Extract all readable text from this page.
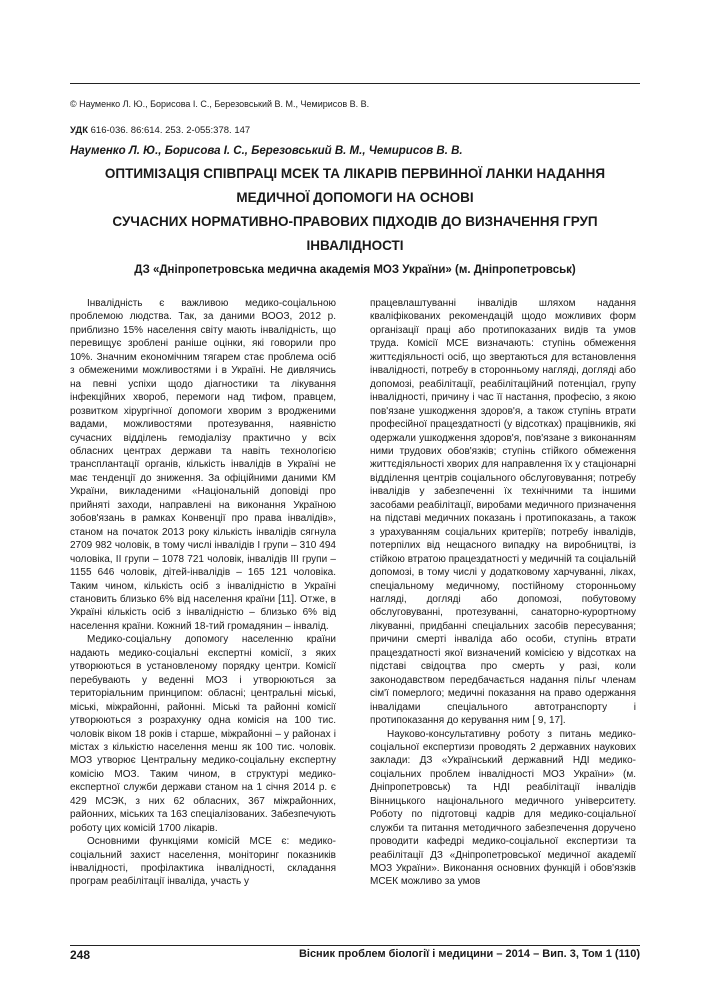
© Науменко Л. Ю., Борисова І. С., Березовський В. М., Чемирисов В. В.
УДК 616-036. 86:614. 253. 2-055:378. 147
Науменко Л. Ю., Борисова І. С., Березовський В. М., Чемирисов В. В.
ОПТИМІЗАЦІЯ СПІВПРАЦІ МСЕК ТА ЛІКАРІВ ПЕРВИННОЇ ЛАНКИ НАДАННЯ
МЕДИЧНОЇ ДОПОМОГИ НА ОСНОВІ
СУЧАСНИХ НОРМАТИВНО-ПРАВОВИХ ПІДХОДІВ ДО ВИЗНАЧЕННЯ ГРУП
ІНВАЛІДНОСТІ
ДЗ «Дніпропетровська медична академія МОЗ України» (м. Дніпропетровськ)

Інвалідність є важливою медико-соціальною проблемою людства. Так, за даними ВООЗ, 2012 р. приблизно 15% населення світу мають інвалідність, що перевищує зроблені раніше оцінки, які говорили про 10%. Значним економічним тягарем стає проблема осіб з обмеженими можливостями і в Україні. Не дивлячись на певні успіхи щодо діагностики та лікування інфекційних хвороб, перемоги над тифом, правцем, розвитком хірургічної допомоги хворим з вродженими вадами, можливостями протезування, наявністю сучасних відділень гемодіалізу практично у всіх обласних центрах держави та навіть технологією трансплантації органів, кількість інвалідів в Україні не має тенденції до зниження. За офіційними даними КМ України, викладеними «Національній доповіді про прийняті заходи, направлені на виконання Україною зобов'язань в рамках Конвенції про права інвалідів», станом на початок 2013 року кількість інвалідів сягнула 2709 982 чоловік, в тому числі інвалідів І групи – 310 494 чоловіка, ІІ групи – 1078 721 чоловік, інвалідів ІІІ групи – 1155 646 чоловік, дітей-інвалідів – 165 121 чоловіка. Таким чином, кількість осіб з інвалідністю в Україні становить близько 6% від населення країни [11]. Отже, в Україні кількість осіб з інвалідністю – близько 6% від населення країни. Кожний 18-тий громадянин – інвалід.

Медико-соціальну допомогу населенню країни надають медико-соціальні експертні комісії, з яких утворюються в установленому порядку центри. Комісії перебувають у веденні МОЗ і утворюються за територіальним принципом: обласні; центральні міські, міські, міжрайонні, районні. Міські та районні комісії утворюються з розрахунку одна комісія на 100 тис. чоловік віком 18 років і старше, міжрайонні – у районах і містах з кількістю населення менш як 100 тис. чоловік. МОЗ утворює Центральну медико-соціальну експертну комісію МОЗ. Таким чином, в структурі медико-експертної служби держави станом на 1 січня 2014 р. є 429 МСЭК, з них 62 обласних, 367 міжрайонних, районних, міських та 163 спеціалізованих. Забезпечують роботу цих комісій 1700 лікарів.

Основними функціями комісій МСЕ є: медико-соціальний захист населення, моніторинг показників інвалідності, профілактика інвалідності, складання програм реабілітації інваліда, участь у

працевлаштуванні інвалідів шляхом надання кваліфікованих рекомендацій щодо можливих форм організації праці або протипоказаних видів та умов труда. Комісії МСЕ визначають: ступінь обмеження життєдіяльності осіб, що звертаються для встановлення інвалідності, потребу в сторонньому нагляді, догляді або допомозі, реабілітації, реабілітаційний потенціал, групу інвалідності, причину і час її настання, професію, з якою пов'язане ушкодження здоров'я, а також ступінь втрати професійної працездатності (у відсотках) працівників, які одержали ушкодження здоров'я, пов'язане з виконанням ними трудових обов'язків; ступінь стійкого обмеження життєдіяльності хворих для направлення їх у стаціонарні відділення центрів соціального обслуговування; потребу інвалідів у забезпеченні їх технічними та іншими засобами реабілітації, виробами медичного призначення на підставі медичних показань і протипоказань, а також з урахуванням соціальних критеріїв; потребу інвалідів, потерпілих від нещасного випадку на виробництві, із стійкою втратою працездатності у медичній та соціальній допомозі, в тому числі у додатковому харчуванні, ліках, спеціальному медичному, постійному сторонньому нагляді, догляді або допомозі, побутовому обслуговуванні, протезуванні, санаторно-курортному лікуванні, придбанні спеціальних засобів пересування; причини смерті інваліда або особи, ступінь втрати працездатності якої визначений комісією у відсотках на підставі свідоцтва про смерть у разі, коли законодавством передбачається надання пільг членам сім'ї померлого; медичні показання на право одержання інвалідами спеціального автотранспорту і протипоказання до керування ним [ 9, 17].

Науково-консультативну роботу з питань медико-соціальної експертизи проводять 2 державних наукових заклади: ДЗ «Український державний НДІ медико-соціальних проблем інвалідності МОЗ України» (м. Дніпропетровськ) та НДІ реабілітації інвалідів Вінницького національного медичного університету. Роботу по підготовці кадрів для медико-соціальної служби та питання методичного забезпечення доручено проводити кафедрі медико-соціальної експертизи та реабілітації ДЗ «Дніпропетровської медичної академії МОЗ України». Виконання основних функцій і обов'язків МСЕК можливо за умов

248	Вісник проблем біології і медицини – 2014 – Вип. 3, Том 1 (110)
